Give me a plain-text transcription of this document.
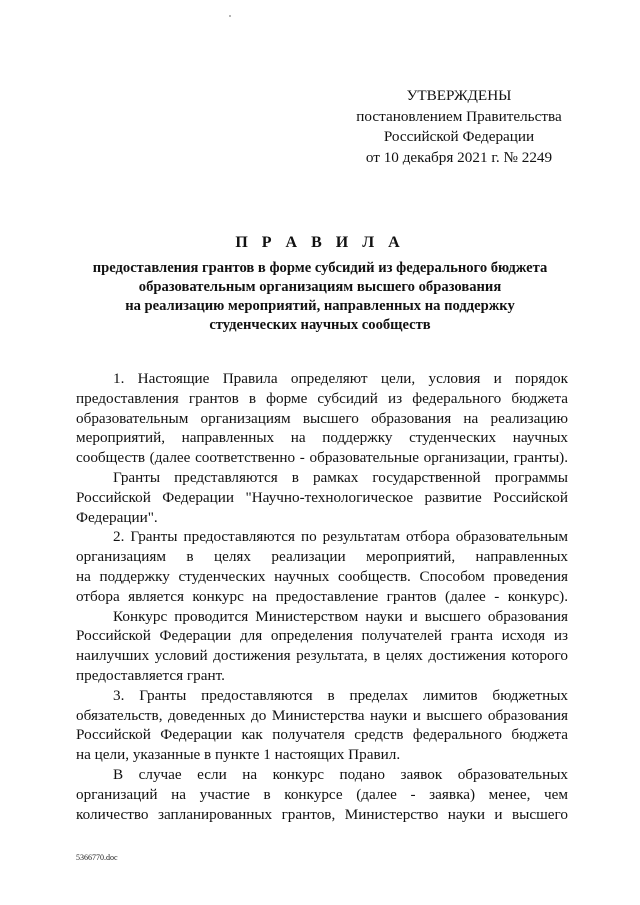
УТВЕРЖДЕНЫ
постановлением Правительства
Российской Федерации
от 10 декабря 2021 г. № 2249
П Р А В И Л А
предоставления грантов в форме субсидий из федерального бюджета
образовательным организациям высшего образования
на реализацию мероприятий, направленных на поддержку
студенческих научных сообществ

1. Настоящие Правила определяют цели, условия и порядок
предоставления грантов в форме субсидий из федерального бюджета
образовательным организациям высшего образования на реализацию
мероприятий, направленных на поддержку студенческих научных
сообществ (далее соответственно - образовательные организации, гранты).

Гранты представляются в рамках государственной программы
Российской Федерации "Научно-технологическое развитие Российской
Федерации".

2. Гранты предоставляются по результатам отбора образовательным
организациям в целях реализации мероприятий, направленных
на поддержку студенческих научных сообществ. Способом проведения
отбора является конкурс на предоставление грантов (далее - конкурс).

Конкурс проводится Министерством науки и высшего образования
Российской Федерации для определения получателей гранта исходя из
наилучших условий достижения результата, в целях достижения которого
предоставляется грант.

3. Гранты предоставляются в пределах лимитов бюджетных
обязательств, доведенных до Министерства науки и высшего образования
Российской Федерации как получателя средств федерального бюджета
на цели, указанные в пункте 1 настоящих Правил.

В случае если на конкурс подано заявок образовательных
организаций на участие в конкурсе (далее - заявка) менее, чем
количество запланированных грантов, Министерство науки и высшего

5366770.doc
